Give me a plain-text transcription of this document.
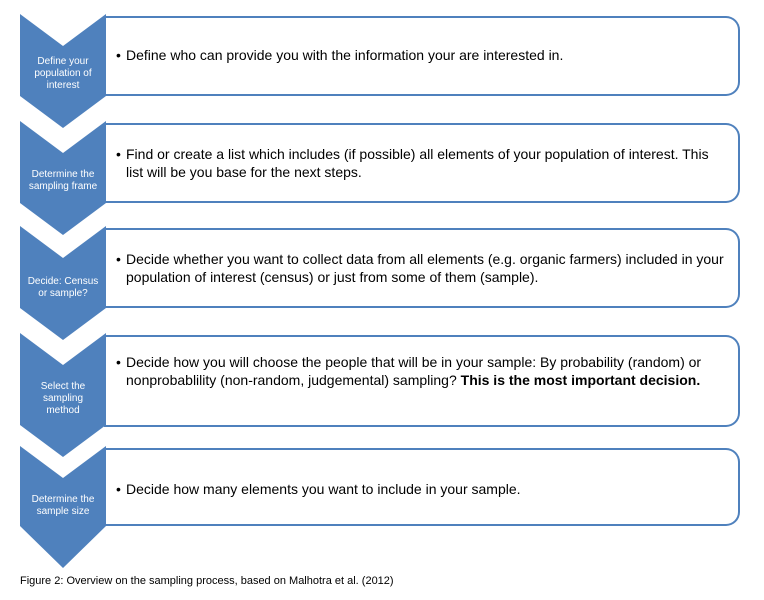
• Define who can provide you with the information your are interested in.
Define your
population of
interest
• Find or create a list which includes (if possible) all elements of your population of interest. This list will be you base for the next steps.
Determine the
sampling frame
• Decide whether you want to collect data from all elements (e.g. organic farmers) included in your population of interest (census) or just from some of them (sample).
Decide: Census
or sample?
• Decide how you will choose the people that will be in your sample: By probability (random) or nonprobablility (non-random, judgemental) sampling? This is the most important decision.
Select the
sampling
method
• Decide how many elements you want to include in your sample.
Determine the
sample size
Figure 2: Overview on the sampling process, based on Malhotra et al. (2012)
